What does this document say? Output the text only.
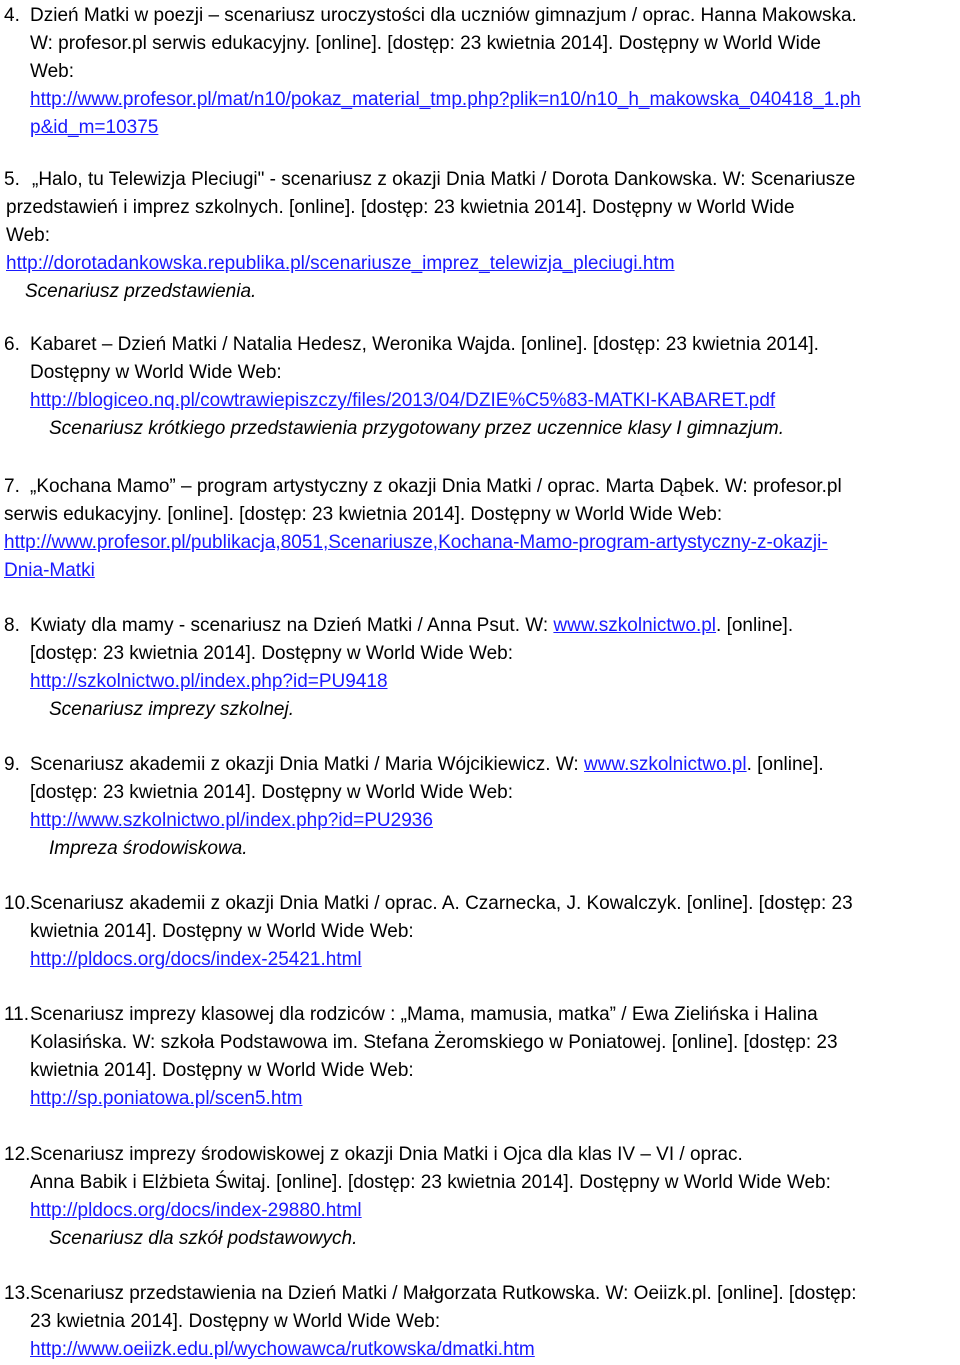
4. Dzień Matki w poezji – scenariusz uroczystości dla uczniów gimnazjum / oprac. Hanna Makowska.
W: profesor.pl serwis edukacyjny. [online]. [dostęp: 23 kwietnia 2014]. Dostępny w World Wide
Web:
http://www.profesor.pl/mat/n10/pokaz_material_tmp.php?plik=n10/n10_h_makowska_040418_1.ph
p&id_m=10375
5. „Halo, tu Telewizja Pleciugi" - scenariusz z okazji Dnia Matki / Dorota Dankowska. W: Scenariusze
przedstawień i imprez szkolnych. [online]. [dostęp: 23 kwietnia 2014]. Dostępny w World Wide
Web:
http://dorotadankowska.republika.pl/scenariusze_imprez_telewizja_pleciugi.htm
Scenariusz przedstawienia.
6. Kabaret – Dzień Matki / Natalia Hedesz, Weronika Wajda. [online]. [dostęp: 23 kwietnia 2014].
Dostępny w World Wide Web:
http://blogiceo.nq.pl/cowtrawiepiszczy/files/2013/04/DZIE%C5%83-MATKI-KABARET.pdf
Scenariusz krótkiego przedstawienia przygotowany przez uczennice klasy I gimnazjum.
7. „Kochana Mamo” – program artystyczny z okazji Dnia Matki / oprac. Marta Dąbek. W: profesor.pl
serwis edukacyjny. [online]. [dostęp: 23 kwietnia 2014]. Dostępny w World Wide Web:
http://www.profesor.pl/publikacja,8051,Scenariusze,Kochana-Mamo-program-artystyczny-z-okazji-
Dnia-Matki
8. Kwiaty dla mamy - scenariusz na Dzień Matki / Anna Psut. W: www.szkolnictwo.pl. [online].
[dostęp: 23 kwietnia 2014]. Dostępny w World Wide Web:
http://szkolnictwo.pl/index.php?id=PU9418
Scenariusz imprezy szkolnej.
9. Scenariusz akademii z okazji Dnia Matki / Maria Wójcikiewicz. W: www.szkolnictwo.pl. [online].
[dostęp: 23 kwietnia 2014]. Dostępny w World Wide Web:
http://www.szkolnictwo.pl/index.php?id=PU2936
Impreza środowiskowa.
10. Scenariusz akademii z okazji Dnia Matki / oprac. A. Czarnecka, J. Kowalczyk. [online]. [dostęp: 23
kwietnia 2014]. Dostępny w World Wide Web:
http://pldocs.org/docs/index-25421.html
11. Scenariusz imprezy klasowej dla rodziców : „Mama, mamusia, matka” / Ewa Zielińska i Halina
Kolasińska. W: szkoła Podstawowa im. Stefana Żeromskiego w Poniatowej. [online]. [dostęp: 23
kwietnia 2014]. Dostępny w World Wide Web:
http://sp.poniatowa.pl/scen5.htm
12. Scenariusz imprezy środowiskowej z okazji Dnia Matki i Ojca dla klas IV – VI / oprac.
Anna Babik i Elżbieta Świtaj. [online]. [dostęp: 23 kwietnia 2014]. Dostępny w World Wide Web:
http://pldocs.org/docs/index-29880.html
Scenariusz dla szkół podstawowych.
13. Scenariusz przedstawienia na Dzień Matki / Małgorzata Rutkowska. W: Oeiizk.pl. [online]. [dostęp:
23 kwietnia 2014]. Dostępny w World Wide Web:
http://www.oeiizk.edu.pl/wychowawca/rutkowska/dmatki.htm
